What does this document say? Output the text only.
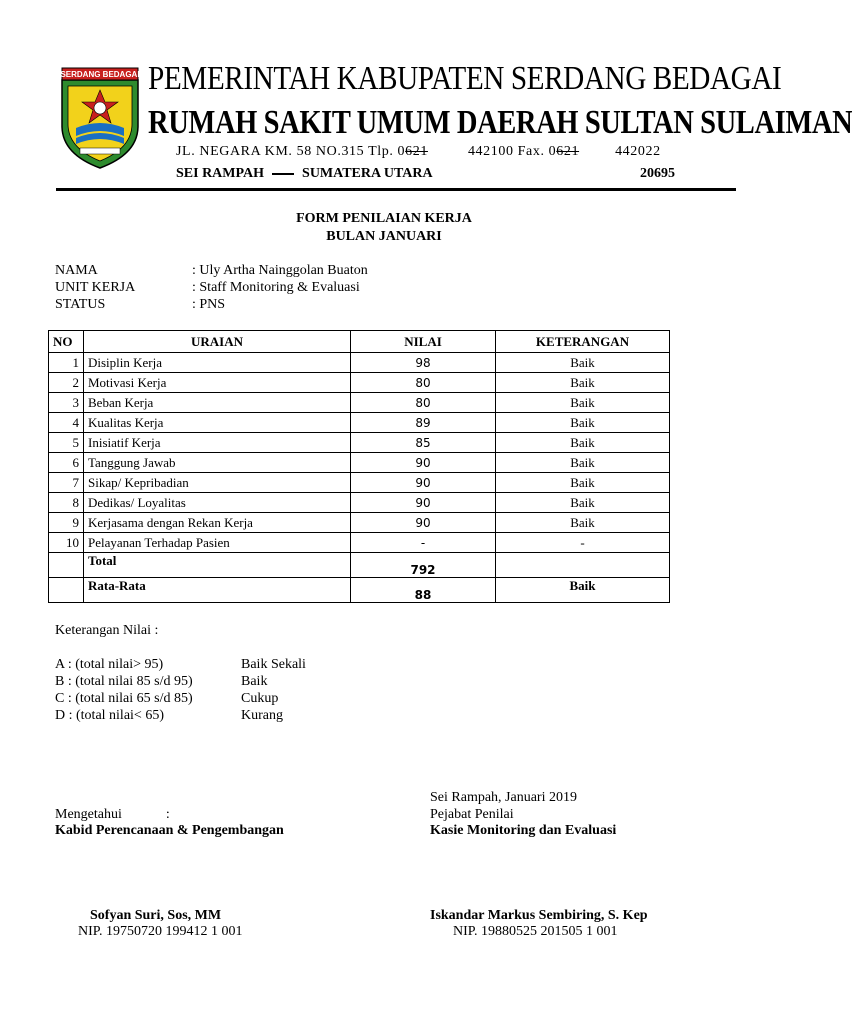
SERDANG BEDAGAI PEMERINTAH KABUPATEN SERDANG BEDAGAI
RUMAH SAKIT UMUM DAERAH SULTAN SULAIMAN
JL. NEGARA KM. 58 NO.315 Tlp. 0621	442100 Fax. 0621	442022
SEI RAMPAH	SUMATERA UTARA	20695
FORM PENILAIAN KERJA
BULAN JANUARI
NAMA	: Uly Artha Nainggolan Buaton
UNIT KERJA	: Staff Monitoring & Evaluasi
STATUS	: PNS
NO	URAIAN	NILAI	KETERANGAN
1	Disiplin Kerja	98	Baik
2	Motivasi Kerja	80	Baik
3	Beban Kerja	80	Baik
4	Kualitas Kerja	89	Baik
5	Inisiatif Kerja	85	Baik
6	Tanggung Jawab	90	Baik
7	Sikap/ Kepribadian	90	Baik
8	Dedikas/ Loyalitas	90	Baik
9	Kerjasama dengan Rekan Kerja	90	Baik
10	Pelayanan Terhadap Pasien	-	-
	Total	792	
	Rata-Rata	88	Baik
Keterangan Nilai :
A : (total nilai> 95)	Baik Sekali
B : (total nilai 85 s/d 95)	Baik
C : (total nilai 65 s/d 85)	Cukup
D : (total nilai< 65)	Kurang
Sei Rampah, Januari 2019
Mengetahui	:
Kabid Perencanaan & Pengembangan
Sofyan Suri, Sos, MM
NIP. 19750720 199412 1 001
Pejabat Penilai
Kasie Monitoring dan Evaluasi
Iskandar Markus Sembiring, S. Kep
NIP. 19880525 201505 1 001
